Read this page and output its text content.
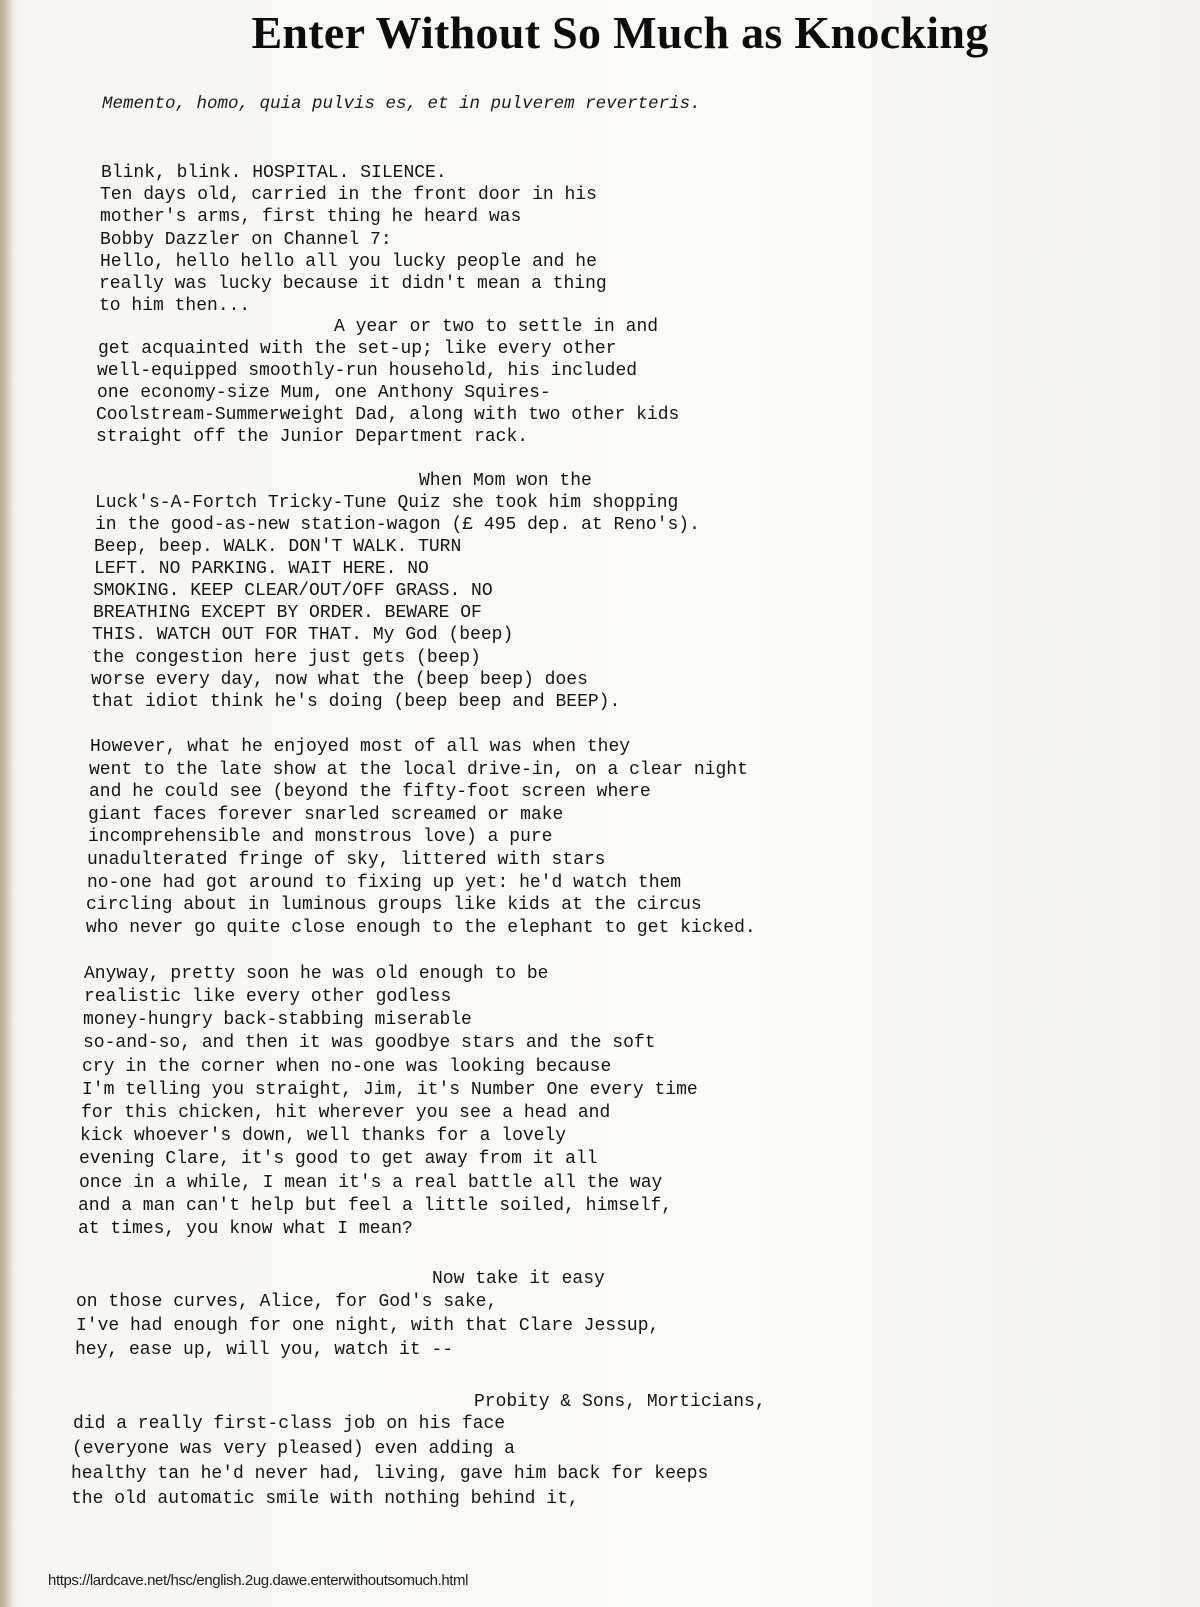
Enter Without So Much as Knocking
Memento, homo, quia pulvis es, et in pulverem reverteris.
Blink, blink. HOSPITAL. SILENCE.
Ten days old, carried in the front door in his
mother's arms, first thing he heard was
Bobby Dazzler on Channel 7:
Hello, hello hello all you lucky people and he
really was lucky because it didn't mean a thing
to him then...
A year or two to settle in and
get acquainted with the set-up; like every other
well-equipped smoothly-run household, his included
one economy-size Mum, one Anthony Squires-
Coolstream-Summerweight Dad, along with two other kids
straight off the Junior Department rack.
When Mom won the
Luck's-A-Fortch Tricky-Tune Quiz she took him shopping
in the good-as-new station-wagon (£ 495 dep. at Reno's).
Beep, beep. WALK. DON'T WALK. TURN
LEFT. NO PARKING. WAIT HERE. NO
SMOKING. KEEP CLEAR/OUT/OFF GRASS. NO
BREATHING EXCEPT BY ORDER. BEWARE OF
THIS. WATCH OUT FOR THAT. My God (beep)
the congestion here just gets (beep)
worse every day, now what the (beep beep) does
that idiot think he's doing (beep beep and BEEP).
However, what he enjoyed most of all was when they
went to the late show at the local drive-in, on a clear night
and he could see (beyond the fifty-foot screen where
giant faces forever snarled screamed or make
incomprehensible and monstrous love) a pure
unadulterated fringe of sky, littered with stars
no-one had got around to fixing up yet: he'd watch them
circling about in luminous groups like kids at the circus
who never go quite close enough to the elephant to get kicked.
Anyway, pretty soon he was old enough to be
realistic like every other godless
money-hungry back-stabbing miserable
so-and-so, and then it was goodbye stars and the soft
cry in the corner when no-one was looking because
I'm telling you straight, Jim, it's Number One every time
for this chicken, hit wherever you see a head and
kick whoever's down, well thanks for a lovely
evening Clare, it's good to get away from it all
once in a while, I mean it's a real battle all the way
and a man can't help but feel a little soiled, himself,
at times, you know what I mean?
Now take it easy
on those curves, Alice, for God's sake,
I've had enough for one night, with that Clare Jessup,
hey, ease up, will you, watch it --
Probity & Sons, Morticians,
did a really first-class job on his face
(everyone was very pleased) even adding a
healthy tan he'd never had, living, gave him back for keeps
the old automatic smile with nothing behind it,
https://lardcave.net/hsc/english.2ug.dawe.enterwithoutsomuch.html
